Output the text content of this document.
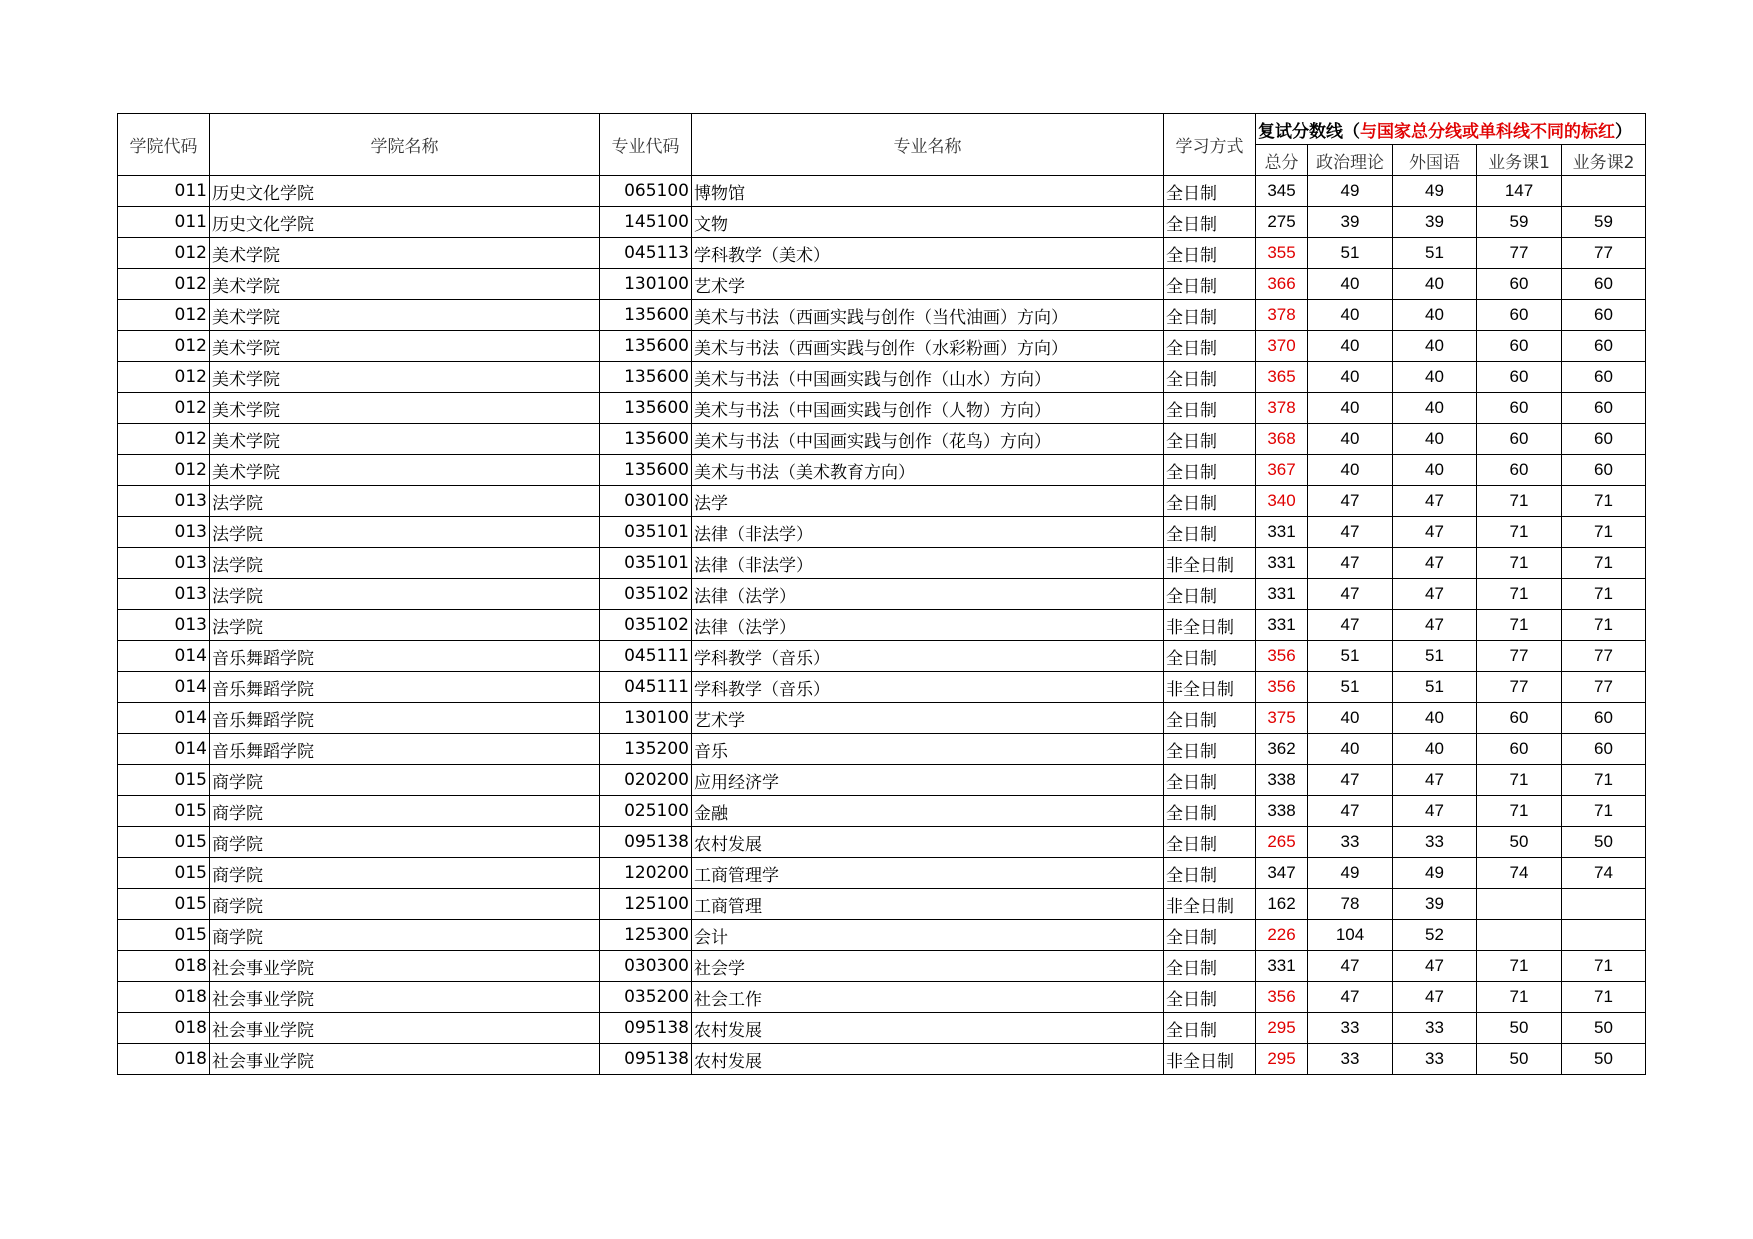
学院代码	学院名称	专业代码	专业名称	学习方式	复试分数线（与国家总分线或单科线不同的标红）				
					总分	政治理论	外国语	业务课1	业务课2
011	历史文化学院	065100	博物馆	全日制	345	49	49	147	
011	历史文化学院	145100	文物	全日制	275	39	39	59	59
012	美术学院	045113	学科教学（美术）	全日制	355	51	51	77	77
012	美术学院	130100	艺术学	全日制	366	40	40	60	60
012	美术学院	135600	美术与书法（西画实践与创作（当代油画）方向）	全日制	378	40	40	60	60
012	美术学院	135600	美术与书法（西画实践与创作（水彩粉画）方向）	全日制	370	40	40	60	60
012	美术学院	135600	美术与书法（中国画实践与创作（山水）方向）	全日制	365	40	40	60	60
012	美术学院	135600	美术与书法（中国画实践与创作（人物）方向）	全日制	378	40	40	60	60
012	美术学院	135600	美术与书法（中国画实践与创作（花鸟）方向）	全日制	368	40	40	60	60
012	美术学院	135600	美术与书法（美术教育方向）	全日制	367	40	40	60	60
013	法学院	030100	法学	全日制	340	47	47	71	71
013	法学院	035101	法律（非法学）	全日制	331	47	47	71	71
013	法学院	035101	法律（非法学）	非全日制	331	47	47	71	71
013	法学院	035102	法律（法学）	全日制	331	47	47	71	71
013	法学院	035102	法律（法学）	非全日制	331	47	47	71	71
014	音乐舞蹈学院	045111	学科教学（音乐）	全日制	356	51	51	77	77
014	音乐舞蹈学院	045111	学科教学（音乐）	非全日制	356	51	51	77	77
014	音乐舞蹈学院	130100	艺术学	全日制	375	40	40	60	60
014	音乐舞蹈学院	135200	音乐	全日制	362	40	40	60	60
015	商学院	020200	应用经济学	全日制	338	47	47	71	71
015	商学院	025100	金融	全日制	338	47	47	71	71
015	商学院	095138	农村发展	全日制	265	33	33	50	50
015	商学院	120200	工商管理学	全日制	347	49	49	74	74
015	商学院	125100	工商管理	非全日制	162	78	39		
015	商学院	125300	会计	全日制	226	104	52		
018	社会事业学院	030300	社会学	全日制	331	47	47	71	71
018	社会事业学院	035200	社会工作	全日制	356	47	47	71	71
018	社会事业学院	095138	农村发展	全日制	295	33	33	50	50
018	社会事业学院	095138	农村发展	非全日制	295	33	33	50	50
